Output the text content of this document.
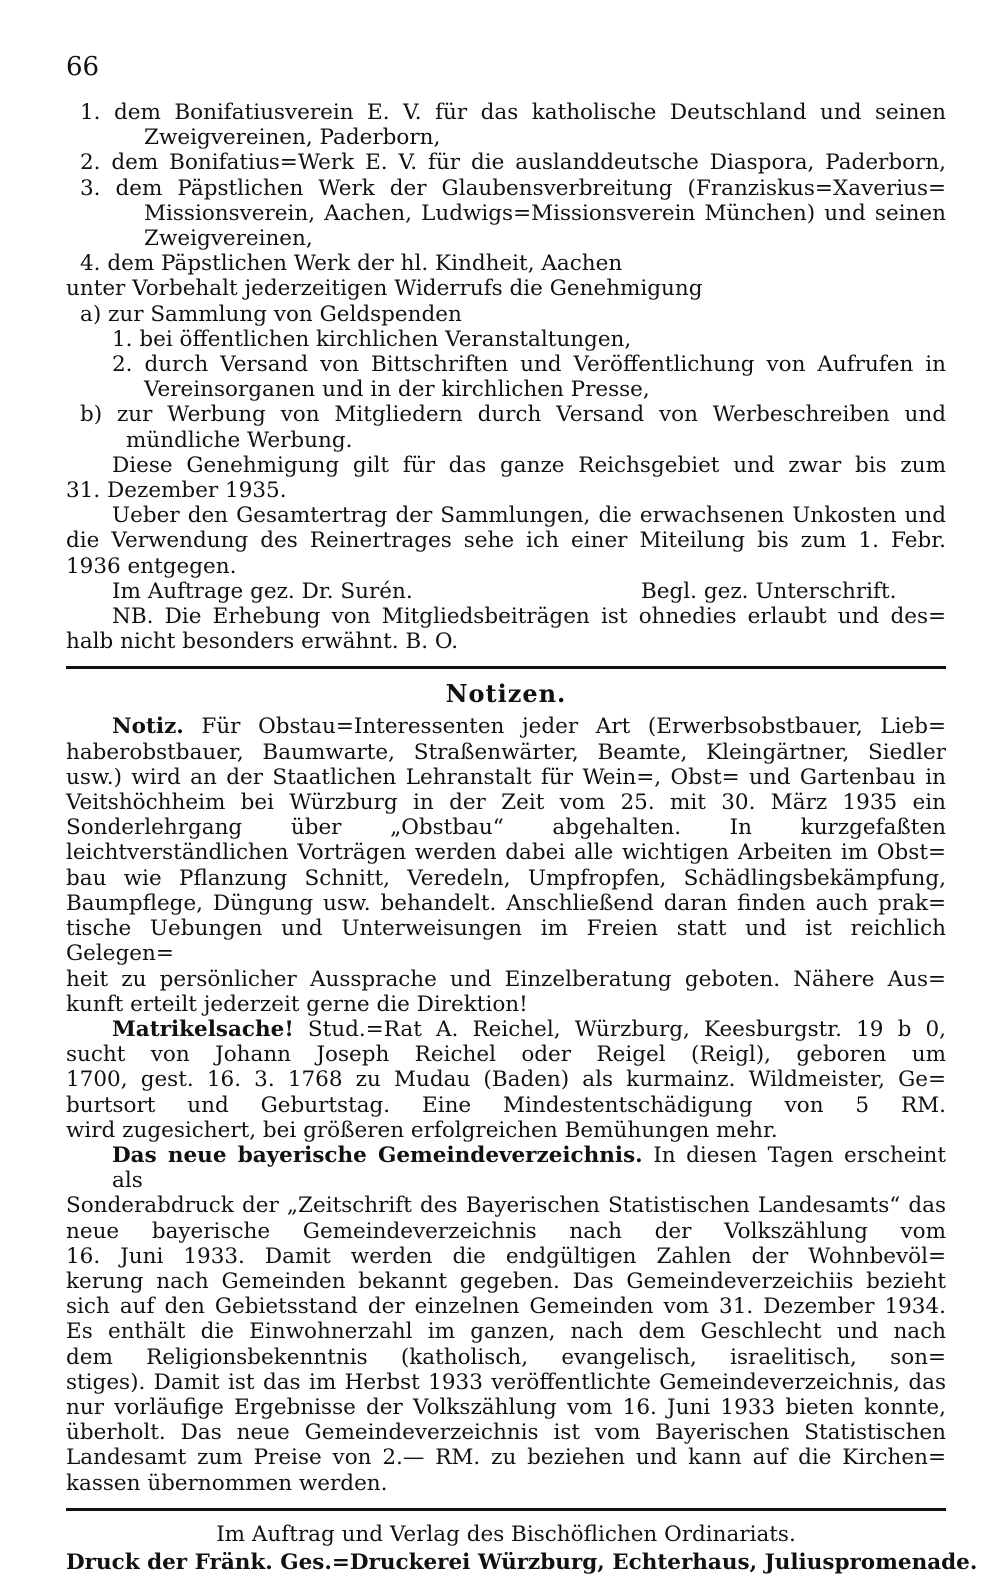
66
1. dem Bonifatiusverein E. V. für das katholische Deutschland und seinen
Zweigvereinen, Paderborn,
2. dem Bonifatius=Werk E. V. für die auslanddeutsche Diaspora, Paderborn,
3. dem Päpstlichen Werk der Glaubensverbreitung (Franziskus=Xaverius=
Missionsverein, Aachen, Ludwigs=Missionsverein München) und seinen
Zweigvereinen,
4. dem Päpstlichen Werk der hl. Kindheit, Aachen
unter Vorbehalt jederzeitigen Widerrufs die Genehmigung
a) zur Sammlung von Geldspenden
1. bei öffentlichen kirchlichen Veranstaltungen,
2. durch Versand von Bittschriften und Veröffentlichung von Aufrufen in
Vereinsorganen und in der kirchlichen Presse,
b) zur Werbung von Mitgliedern durch Versand von Werbeschreiben und
mündliche Werbung.
Diese Genehmigung gilt für das ganze Reichsgebiet und zwar bis zum
31. Dezember 1935.
Ueber den Gesamtertrag der Sammlungen, die erwachsenen Unkosten und
die Verwendung des Reinertrages sehe ich einer Miteilung bis zum 1. Febr.
1936 entgegen.
Im Auftrage gez. Dr. Surén.	Begl. gez. Unterschrift.
NB. Die Erhebung von Mitgliedsbeiträgen ist ohnedies erlaubt und des=
halb nicht besonders erwähnt. B. O.
Notizen.
Notiz. Für Obstau=Interessenten jeder Art (Erwerbsobstbauer, Lieb=
haberobstbauer, Baumwarte, Straßenwärter, Beamte, Kleingärtner, Siedler
usw.) wird an der Staatlichen Lehranstalt für Wein=, Obst= und Gartenbau in
Veitshöchheim bei Würzburg in der Zeit vom 25. mit 30. März 1935 ein
Sonderlehrgang über „Obstbau“ abgehalten. In kurzgefaßten
leichtverständlichen Vorträgen werden dabei alle wichtigen Arbeiten im Obst=
bau wie Pflanzung Schnitt, Veredeln, Umpfropfen, Schädlingsbekämpfung,
Baumpflege, Düngung usw. behandelt. Anschließend daran finden auch prak=
tische Uebungen und Unterweisungen im Freien statt und ist reichlich Gelegen=
heit zu persönlicher Aussprache und Einzelberatung geboten. Nähere Aus=
kunft erteilt jederzeit gerne die Direktion!
Matrikelsache! Stud.=Rat A. Reichel, Würzburg, Keesburgstr. 19 b 0,
sucht von Johann Joseph Reichel oder Reigel (Reigl), geboren um
1700, gest. 16. 3. 1768 zu Mudau (Baden) als kurmainz. Wildmeister, Ge=
burtsort und Geburtstag. Eine Mindestentschädigung von 5 RM.
wird zugesichert, bei größeren erfolgreichen Bemühungen mehr.
Das neue bayerische Gemeindeverzeichnis. In diesen Tagen erscheint als
Sonderabdruck der „Zeitschrift des Bayerischen Statistischen Landesamts“ das
neue bayerische Gemeindeverzeichnis nach der Volkszählung vom
16. Juni 1933. Damit werden die endgültigen Zahlen der Wohnbevöl=
kerung nach Gemeinden bekannt gegeben. Das Gemeindeverzeichiis bezieht
sich auf den Gebietsstand der einzelnen Gemeinden vom 31. Dezember 1934.
Es enthält die Einwohnerzahl im ganzen, nach dem Geschlecht und nach
dem Religionsbekenntnis (katholisch, evangelisch, israelitisch, son=
stiges). Damit ist das im Herbst 1933 veröffentlichte Gemeindeverzeichnis, das
nur vorläufige Ergebnisse der Volkszählung vom 16. Juni 1933 bieten konnte,
überholt. Das neue Gemeindeverzeichnis ist vom Bayerischen Statistischen
Landesamt zum Preise von 2.— RM. zu beziehen und kann auf die Kirchen=
kassen übernommen werden.
Im Auftrag und Verlag des Bischöflichen Ordinariats.
Druck der Fränk. Ges.=Druckerei Würzburg, Echterhaus, Juliuspromenade.
